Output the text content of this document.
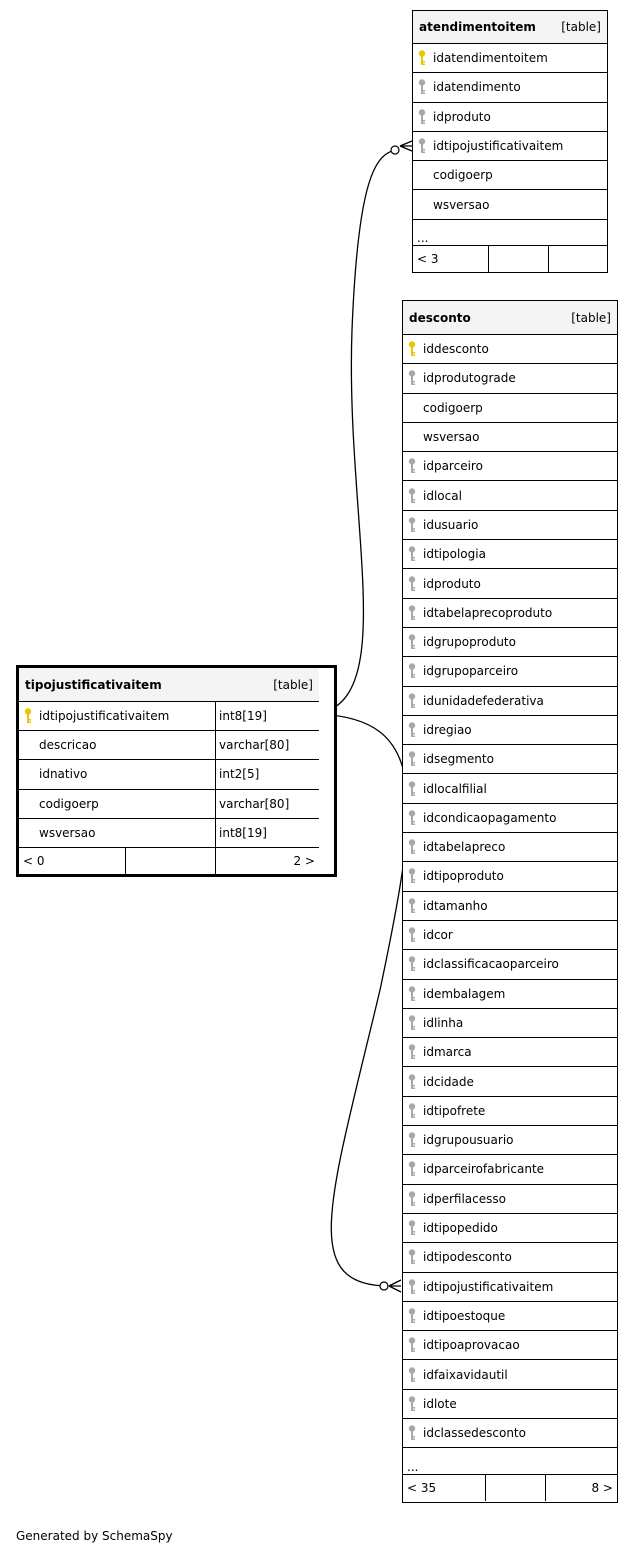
atendimentoitem [table]
idatendimentoitem
idatendimento
idproduto
idtipojustificativaitem
codigoerp
wsversao
...
< 3
desconto	[table]
iddesconto
idprodutograde
codigoerp
wsversao
idparceiro
idlocal
idusuario
idtipologia
idproduto
idtabelaprecoproduto
idgrupoproduto
idgrupoparceiro
idunidadefederativa
idregiao
idsegmento
idlocalfilial
idcondicaopagamento
idtabelapreco
idtipoproduto
idtamanho
idcor
idclassificacaoparceiro
idembalagem
idlinha
idmarca
idcidade
idtipofrete
idgrupousuario
idparceirofabricante
idperfilacesso
idtipopedido
idtipodesconto
idtipojustificativaitem
idtipoestoque
idtipoaprovacao
idfaixavidautil
idlote
idclassedesconto
...
< 35	8 >
tipojustificativaitem	[table]
idtipojustificativaitem	int8[19]
descricao	varchar[80]
idnativo	int2[5]
codigoerp	varchar[80]
wsversao	int8[19]
< 0	2 >
Generated by SchemaSpy
